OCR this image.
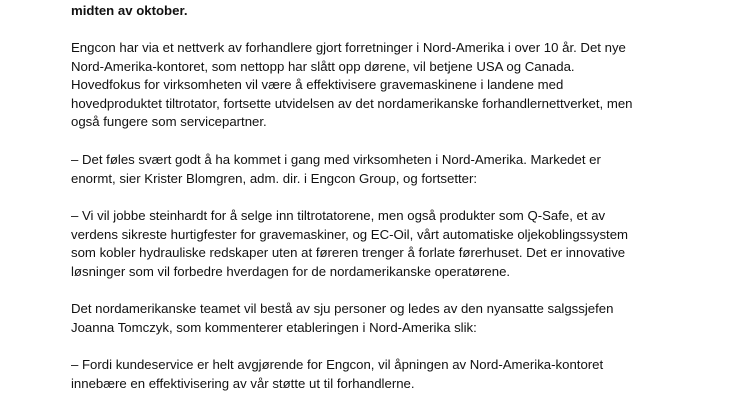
midten av oktober.

Engcon har via et nettverk av forhandlere gjort forretninger i Nord-Amerika i over 10 år. Det nye
Nord-Amerika-kontoret, som nettopp har slått opp dørene, vil betjene USA og Canada.
Hovedfokus for virksomheten vil være å effektivisere gravemaskinene i landene med
hovedproduktet tiltrotator, fortsette utvidelsen av det nordamerikanske forhandlernettverket, men
også fungere som servicepartner.

– Det føles svært godt å ha kommet i gang med virksomheten i Nord-Amerika. Markedet er
enormt, sier Krister Blomgren, adm. dir. i Engcon Group, og fortsetter:

– Vi vil jobbe steinhardt for å selge inn tiltrotatorene, men også produkter som Q-Safe, et av
verdens sikreste hurtigfester for gravemaskiner, og EC-Oil, vårt automatiske oljekoblingssystem
som kobler hydrauliske redskaper uten at føreren trenger å forlate førerhuset. Det er innovative
løsninger som vil forbedre hverdagen for de nordamerikanske operatørene.

Det nordamerikanske teamet vil bestå av sju personer og ledes av den nyansatte salgssjefen
Joanna Tomczyk, som kommenterer etableringen i Nord-Amerika slik:

– Fordi kundeservice er helt avgjørende for Engcon, vil åpningen av Nord-Amerika-kontoret
innebære en effektivisering av vår støtte ut til forhandlerne.
